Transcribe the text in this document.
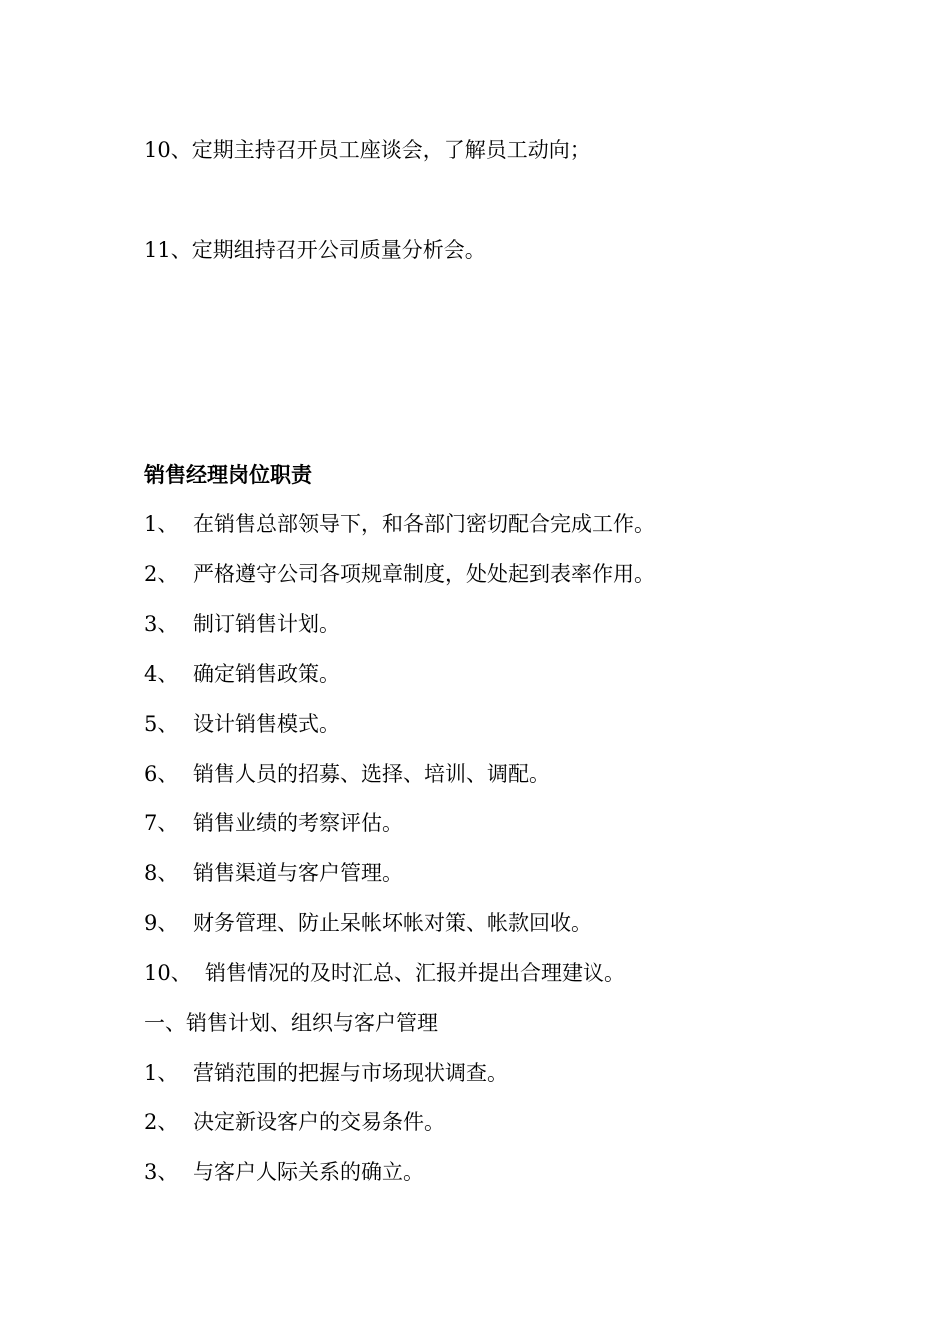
10、定期主持召开员工座谈会，了解员工动向；
11、定期组持召开公司质量分析会。
销售经理岗位职责
1、 在销售总部领导下，和各部门密切配合完成工作。
2、 严格遵守公司各项规章制度，处处起到表率作用。
3、 制订销售计划。
4、 确定销售政策。
5、 设计销售模式。
6、 销售人员的招募、选择、培训、调配。
7、 销售业绩的考察评估。
8、 销售渠道与客户管理。
9、 财务管理、防止呆帐坏帐对策、帐款回收。
10、 销售情况的及时汇总、汇报并提出合理建议。
一、销售计划、组织与客户管理
1、 营销范围的把握与市场现状调查。
2、 决定新设客户的交易条件。
3、 与客户人际关系的确立。
